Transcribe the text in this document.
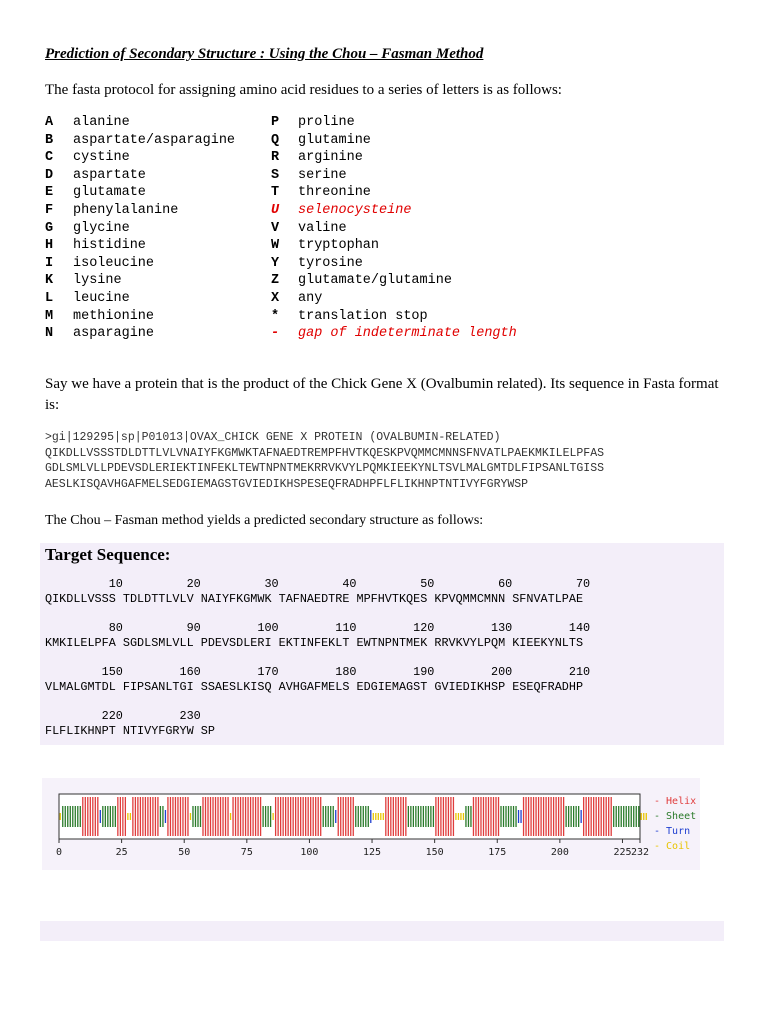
Prediction of Secondary Structure : Using the Chou – Fasman Method
The fasta protocol for assigning amino acid residues to a series of letters is as follows:
A alanine	P proline
B aspartate/asparagine	Q glutamine
C cystine	R arginine
D aspartate	S serine
E glutamate	T threonine
F phenylalanine	U selenocysteine
G glycine	V valine
H histidine	W tryptophan
I isoleucine	Y tyrosine
K lysine	Z glutamate/glutamine
L leucine	X any
M methionine	* translation stop
N asparagine	- gap of indeterminate length
Say we have a protein that is the product of the Chick Gene X (Ovalbumin related). Its sequence in Fasta format is:
>gi|129295|sp|P01013|OVAX_CHICK GENE X PROTEIN (OVALBUMIN-RELATED)
QIKDLLVSSSTDLDTTLVLVNAIYFKGMWKTAFNAEDTREMPFHVTKQESKPVQMMCMNNSFNVATLPAEKMKILELPFAS
GDLSMLVLLPDEVSDLERIEKTINFEKLTEWTNPNTMEKRRVKVYLPQMKIEEKYNLTSVLMALGMTDLFIPSANLTGISS
AESLKISQAVHGAFMELSEDGIEMAGSTGVIEDIKHSPESEQFRADHPFLFLIKHNPTNTIVYFGRYWSP
The Chou – Fasman method yields a predicted secondary structure as follows:
Target Sequence:
10         20         30         40         50         60         70
QIKDLLVSSS TDLDTTLVLV NAIYFKGMWK TAFNAEDTRE MPFHVTKQES KPVQMMCMNN SFNVATLPAE
80         90        100        110        120        130        140
KMKILELPFA SGDLSMLVLL PDEVSDLERI EKTINFEKLT EWTNPNTMEK RRVKVYLPQM KIEEKYNLTS
150        160        170        180        190        200        210
VLMALGMTDL FIPSANLTGI SSAESLKISQ AVHGAFMELS EDGIEMAGST GVIEDIKHSP ESEQFRADHP
220        230
FLFLIKHNPT NTIVYFGRYW SP
0	25	50	75	100	125	150	175	200	225 232
- Helix
- Sheet
- Turn
- Coil
